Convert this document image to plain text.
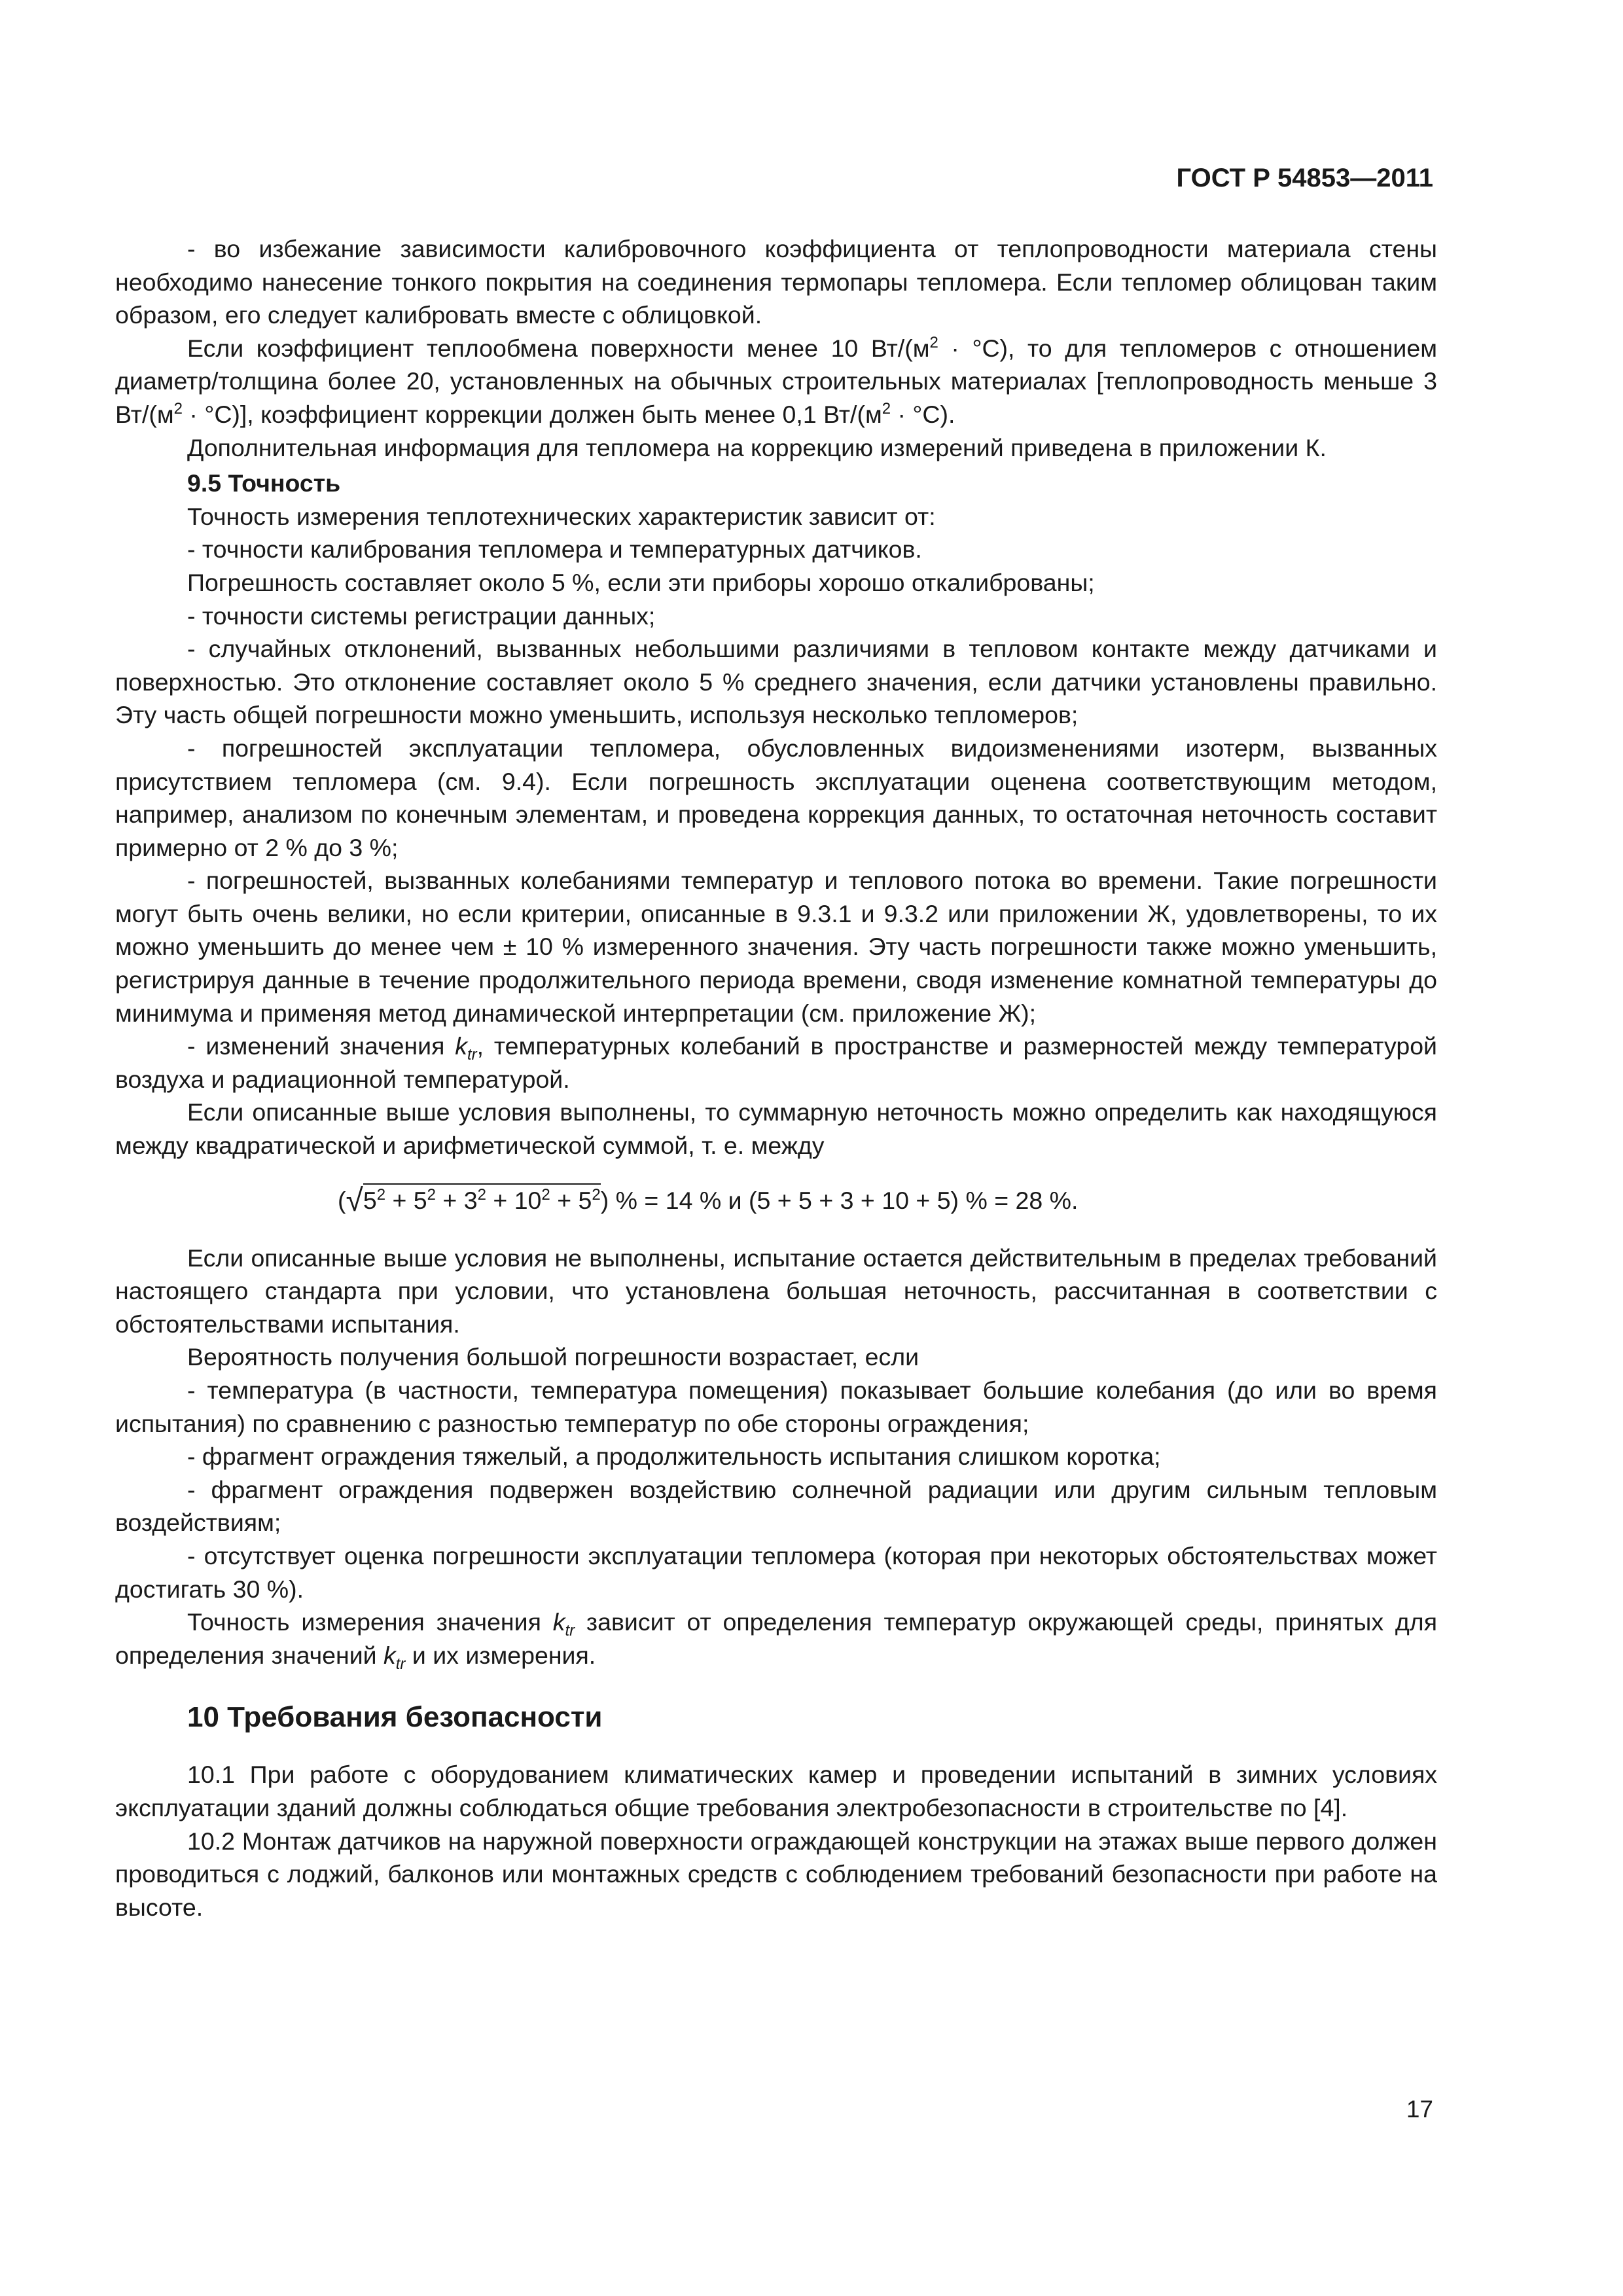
ГОСТ Р 54853—2011

- во избежание зависимости калибровочного коэффициента от теплопроводности материала стены необходимо нанесение тонкого покрытия на соединения термопары тепломера. Если тепломер облицован таким образом, его следует калибровать вместе с облицовкой.

Если коэффициент теплообмена поверхности менее 10 $Вт/(м^2 \cdot ^\circ С)$, то для тепломеров с отношением диаметр/толщина более 20, установленных на обычных строительных материалах [теплопроводность меньше 3 $Вт/(м^2 \cdot ^\circ С)$], коэффициент коррекции должен быть менее 0,1 $Вт/(м^2 \cdot ^\circ С)$.

Дополнительная информация для тепломера на коррекцию измерений приведена в приложении К.

9.5 Точность

Точность измерения теплотехнических характеристик зависит от:

- точности калибрования тепломера и температурных датчиков.

Погрешность составляет около 5 %, если эти приборы хорошо откалиброваны;

- точности системы регистрации данных;

- случайных отклонений, вызванных небольшими различиями в тепловом контакте между датчиками и поверхностью. Это отклонение составляет около 5 % среднего значения, если датчики установлены правильно. Эту часть общей погрешности можно уменьшить, используя несколько тепломеров;

- погрешностей эксплуатации тепломера, обусловленных видоизменениями изотерм, вызванных присутствием тепломера (см. 9.4). Если погрешность эксплуатации оценена соответствующим методом, например, анализом по конечным элементам, и проведена коррекция данных, то остаточная неточность составит примерно от 2 % до 3 %;

- погрешностей, вызванных колебаниями температур и теплового потока во времени. Такие погрешности могут быть очень велики, но если критерии, описанные в 9.3.1 и 9.3.2 или приложении Ж, удовлетворены, то их можно уменьшить до менее чем ± 10 % измеренного значения. Эту часть погрешности также можно уменьшить, регистрируя данные в течение продолжительного периода времени, сводя изменение комнатной температуры до минимума и применяя метод динамической интерпретации (см. приложение Ж);

- изменений значения $k_{tr}$, температурных колебаний в пространстве и размерностей между температурой воздуха и радиационной температурой.

Если описанные выше условия выполнены, то суммарную неточность можно определить как находящуюся между квадратической и арифметической суммой, т. е. между

$(√5^2 + 5^2 + 3^2 + 10^2 + 5^2)$ % = 14 % и (5 + 5 + 3 + 10 + 5) % = 28 %.

Если описанные выше условия не выполнены, испытание остается действительным в пределах требований настоящего стандарта при условии, что установлена большая неточность, рассчитанная в соответствии с обстоятельствами испытания.

Вероятность получения большой погрешности возрастает, если

- температура (в частности, температура помещения) показывает большие колебания (до или во время испытания) по сравнению с разностью температур по обе стороны ограждения;

- фрагмент ограждения тяжелый, а продолжительность испытания слишком коротка;

- фрагмент ограждения подвержен воздействию солнечной радиации или другим сильным тепловым воздействиям;

- отсутствует оценка погрешности эксплуатации тепломера (которая при некоторых обстоятельствах может достигать 30 %).

Точность измерения значения $k_{tr}$ зависит от определения температур окружающей среды, принятых для определения значений $k_{tr}$ и их измерения.

10 Требования безопасности

10.1 При работе с оборудованием климатических камер и проведении испытаний в зимних условиях эксплуатации зданий должны соблюдаться общие требования электробезопасности в строительстве по [4].

10.2 Монтаж датчиков на наружной поверхности ограждающей конструкции на этажах выше первого должен проводиться с лоджий, балконов или монтажных средств с соблюдением требований безопасности при работе на высоте.

17
